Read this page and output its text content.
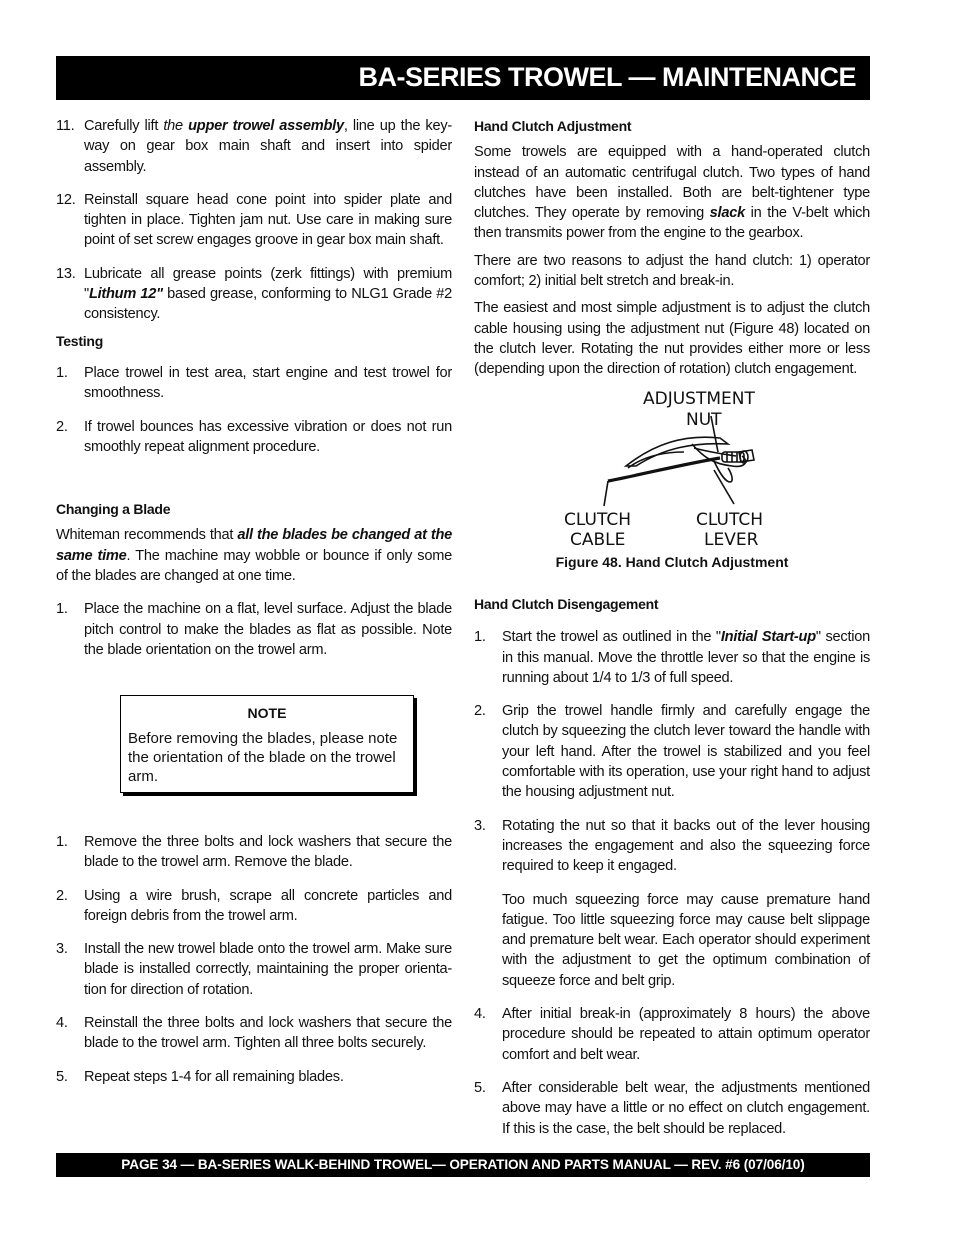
BA-SERIES TROWEL — MAINTENANCE
11. Carefully lift the upper trowel assembly, line up the key-way on gear box main shaft and insert into spider assembly.
12. Reinstall square head cone point into spider plate and tighten in place. Tighten jam nut. Use care in making sure point of set screw engages groove in gear box main shaft.
13. Lubricate all grease points (zerk fittings) with premium "Lithum 12" based grease, conforming to NLG1 Grade #2 consistency.
Testing
1. Place trowel in test area, start engine and test trowel for smoothness.
2. If trowel bounces has excessive vibration or does not run smoothly repeat alignment procedure.
Changing a Blade

Whiteman recommends that all the blades be changed at the same time. The machine may wobble or bounce if only some of the blades are changed at one time.

1. Place the machine on a flat, level surface. Adjust the blade pitch control to make the blades as flat as possible. Note the blade orientation on the trowel arm.
NOTE
Before removing the blades, please note the orientation of the blade on the trowel arm.
1. Remove the three bolts and lock washers that secure the blade to the trowel arm. Remove the blade.
2. Using a wire brush, scrape all concrete particles and foreign debris from the trowel arm.
3. Install the new trowel blade onto the trowel arm. Make sure blade is installed correctly, maintaining the proper orienta-tion for direction of rotation.
4. Reinstall the three bolts and lock washers that secure the blade to the trowel arm. Tighten all three bolts securely.
5. Repeat steps 1-4 for all remaining blades.
Hand Clutch Adjustment

Some trowels are equipped with a hand-operated clutch instead of an automatic centrifugal clutch. Two types of hand clutches have been installed. Both are belt-tightener type clutches. They operate by removing slack in the V-belt which then transmits power from the engine to the gearbox.

There are two reasons to adjust the hand clutch: 1) operator comfort; 2) initial belt stretch and break-in.

The easiest and most simple adjustment is to adjust the clutch cable housing using the adjustment nut (Figure 48) located on the clutch lever. Rotating the nut provides either more or less (depending upon the direction of rotation) clutch engagement.

ADJUSTMENT
NUT
CLUTCH
CABLE
CLUTCH
LEVER
Figure 48. Hand Clutch Adjustment
Hand Clutch Disengagement
1. Start the trowel as outlined in the "Initial Start-up" section in this manual. Move the throttle lever so that the engine is running about 1/4 to 1/3 of full speed.
2. Grip the trowel handle firmly and carefully engage the clutch by squeezing the clutch lever toward the handle with your left hand. After the trowel is stabilized and you feel comfortable with its operation, use your right hand to adjust the housing adjustment nut.
3. Rotating the nut so that it backs out of the lever housing increases the engagement and also the squeezing force required to keep it engaged.
Too much squeezing force may cause premature hand fatigue. Too little squeezing force may cause belt slippage and premature belt wear. Each operator should experiment with the adjustment to get the optimum combination of squeeze force and belt grip.
4. After initial break-in (approximately 8 hours) the above procedure should be repeated to attain optimum operator comfort and belt wear.
5. After considerable belt wear, the adjustments mentioned above may have a little or no effect on clutch engagement. If this is the case, the belt should be replaced.
PAGE 34 — BA-SERIES WALK-BEHIND TROWEL— OPERATION AND PARTS MANUAL — REV. #6 (07/06/10)
